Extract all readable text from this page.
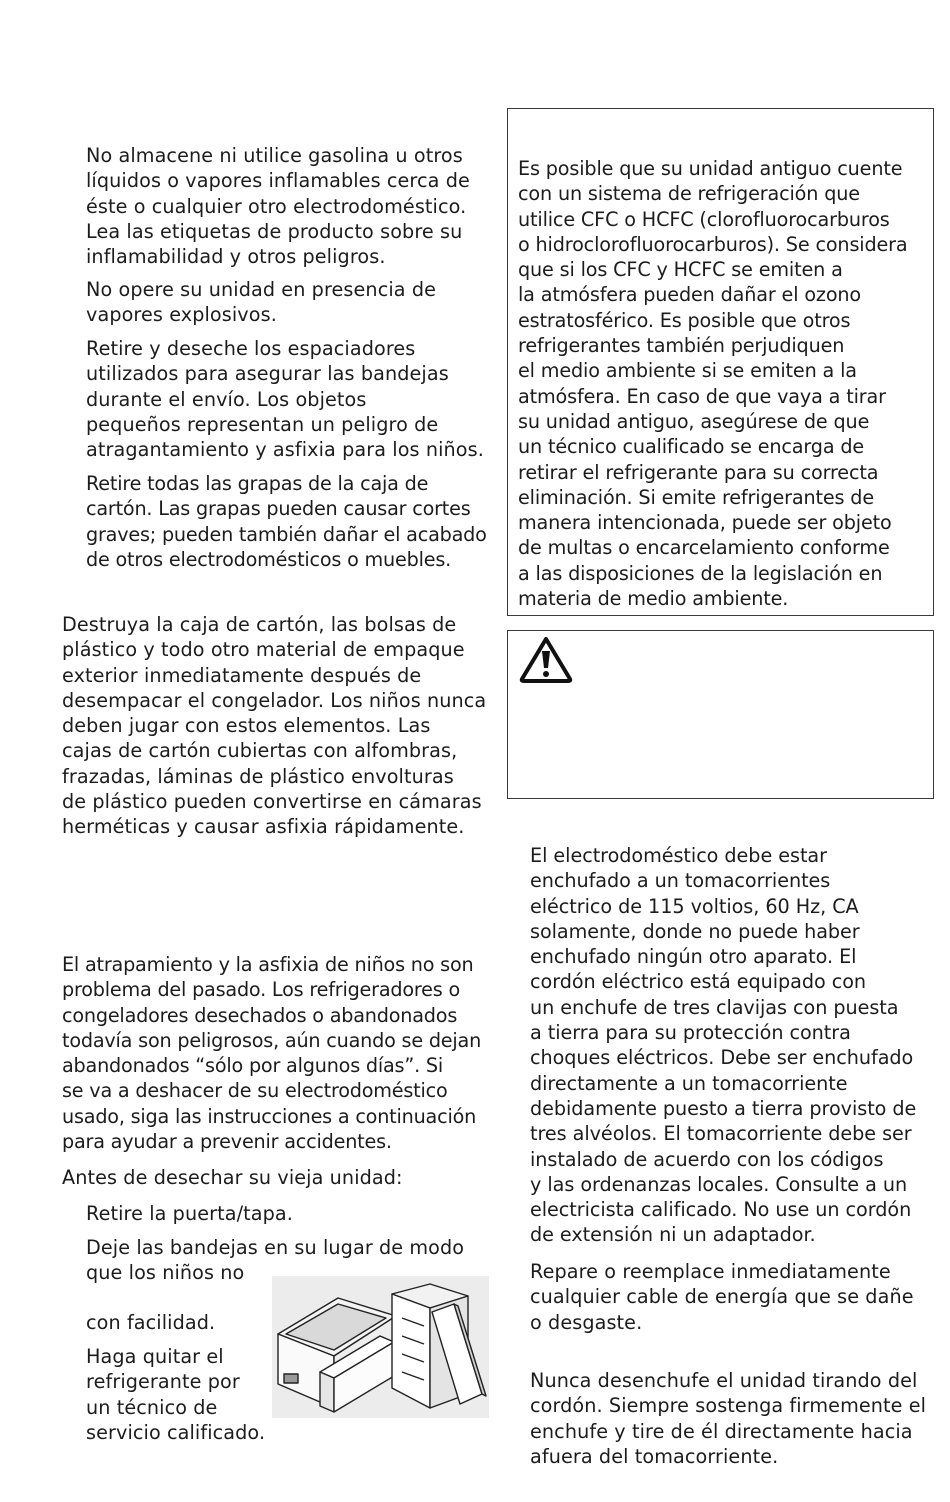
No almacene ni utilice gasolina u otros
líquidos o vapores inflamables cerca de
éste o cualquier otro electrodoméstico.
Lea las etiquetas de producto sobre su
inflamabilidad y otros peligros.

No opere su unidad en presencia de
vapores explosivos.

Retire y deseche los espaciadores
utilizados para asegurar las bandejas
durante el envío. Los objetos
pequeños representan un peligro de
atragantamiento y asfixia para los niños.

Retire todas las grapas de la caja de
cartón. Las grapas pueden causar cortes
graves; pueden también dañar el acabado
de otros electrodomésticos o muebles.

Destruya la caja de cartón, las bolsas de
plástico y todo otro material de empaque
exterior inmediatamente después de
desempacar el congelador. Los niños nunca
deben jugar con estos elementos. Las
cajas de cartón cubiertas con alfombras,
frazadas, láminas de plástico envolturas
de plástico pueden convertirse en cámaras
herméticas y causar asfixia rápidamente.

El atrapamiento y la asfixia de niños no son
problema del pasado. Los refrigeradores o
congeladores desechados o abandonados
todavía son peligrosos, aún cuando se dejan
abandonados “sólo por algunos días”. Si
se va a deshacer de su electrodoméstico
usado, siga las instrucciones a continuación
para ayudar a prevenir accidentes.

Antes de desechar su vieja unidad:

Retire la puerta/tapa.

Deje las bandejas en su lugar de modo
que los niños no

con facilidad.

Haga quitar el
refrigerante por
un técnico de
servicio calificado.

Es posible que su unidad antiguo cuente
con un sistema de refrigeración que
utilice CFC o HCFC (clorofluorocarburos
o hidroclorofluorocarburos). Se considera
que si los CFC y HCFC se emiten a
la atmósfera pueden dañar el ozono
estratosférico. Es posible que otros
refrigerantes también perjudiquen
el medio ambiente si se emiten a la
atmósfera. En caso de que vaya a tirar
su unidad antiguo, asegúrese de que
un técnico cualificado se encarga de
retirar el refrigerante para su correcta
eliminación. Si emite refrigerantes de
manera intencionada, puede ser objeto
de multas o encarcelamiento conforme
a las disposiciones de la legislación en
materia de medio ambiente.

El electrodoméstico debe estar
enchufado a un tomacorrientes
eléctrico de 115 voltios, 60 Hz, CA
solamente, donde no puede haber
enchufado ningún otro aparato. El
cordón eléctrico está equipado con
un enchufe de tres clavijas con puesta
a tierra para su protección contra
choques eléctricos. Debe ser enchufado
directamente a un tomacorriente
debidamente puesto a tierra provisto de
tres alvéolos. El tomacorriente debe ser
instalado de acuerdo con los códigos
y las ordenanzas locales. Consulte a un
electricista calificado. No use un cordón
de extensión ni un adaptador.

Repare o reemplace inmediatamente
cualquier cable de energía que se dañe
o desgaste.

Nunca desenchufe el unidad tirando del
cordón. Siempre sostenga firmemente el
enchufe y tire de él directamente hacia
afuera del tomacorriente.
